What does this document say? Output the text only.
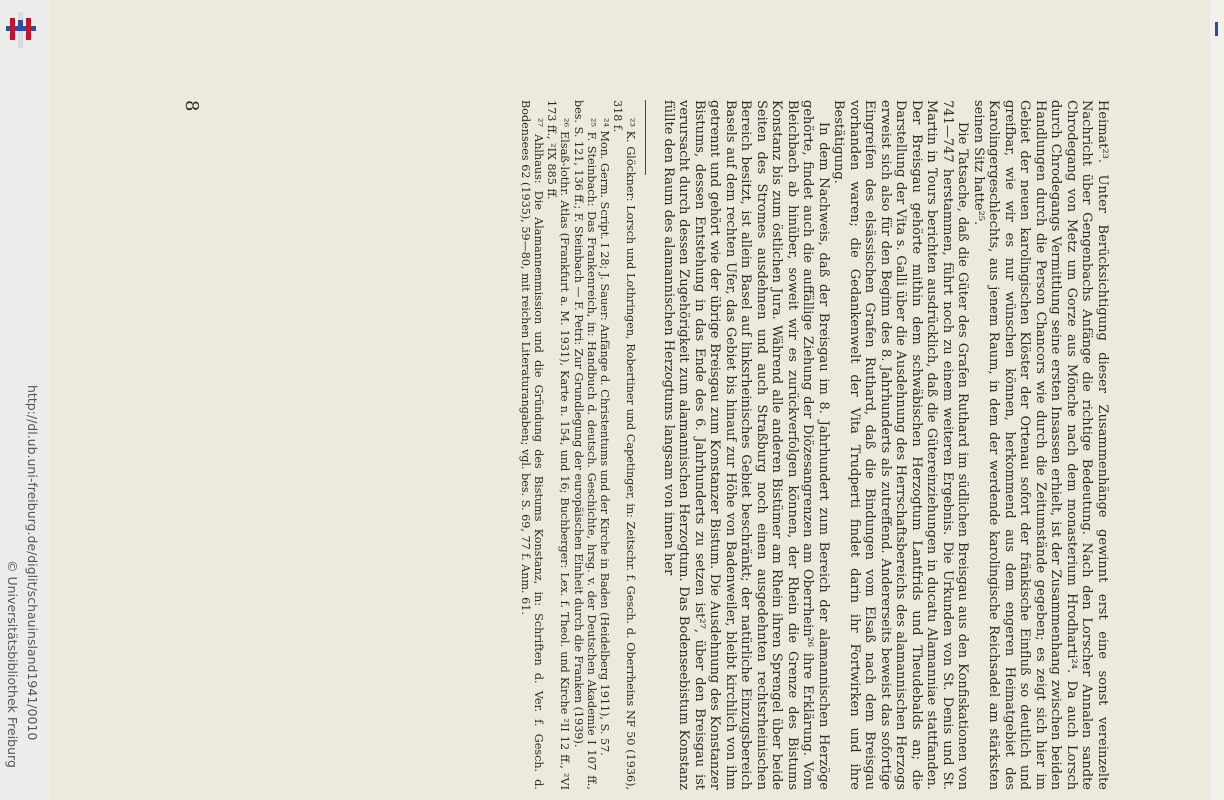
http://dl.ub.uni-freiburg.de/diglit/schauinsland1941/0010
© Universitätsbibliothek Freiburg	Heimat²³. Unter Berücksichtigung dieser Zusammenhänge gewinnt erst eine sonst vereinzelte Nachricht über Gengenbachs Anfänge die richtige Bedeutung. Nach den Lorscher Annalen sandte Chrodegang von Metz um Gorze aus Mönche nach dem monasterium Hrodharti²⁴. Da auch Lorsch durch Chrodegangs Vermittlung seine ersten Insassen erhielt, ist der Zusammenhang zwischen beiden Handlungen durch die Person Chancors wie durch die Zeitumstände gegeben; es zeigt sich hier im Gebiet der neuen karolingischen Klöster der Ortenau sofort der fränkische Einfluß so deutlich und greifbar, wie wir es nur wünschen können, herkommend aus dem engeren Heimatgebiet des Karolingergeschlechts, aus jenem Raum, in dem der werdende karolingische Reichsadel am stärksten seinen Sitz hatte²⁵.

Die Tatsache, daß die Güter des Grafen Ruthard im südlichen Breisgau aus den Konfiskationen von 741—747 herstammen, führt noch zu einem weiteren Ergebnis. Die Urkunden von St. Denis und St. Martin in Tours berichten ausdrücklich, daß die Gütereinziehungen in ducatu Alamanniae stattfanden. Der Breisgau gehörte mithin dem schwäbischen Herzogtum Lantfrids und Theudebalds an; die Darstellung der Vita s. Galli über die Ausdehnung des Herrschaftsbereichs des alamannischen Herzogs erweist sich also für den Beginn des 8. Jahrhunderts als zutreffend. Andererseits beweist das sofortige Eingreifen des elsässischen Grafen Ruthard, daß die Bindungen vom Elsaß nach dem Breisgau vorhanden waren; die Gedankenwelt der Vita Trudperti findet darin ihr Fortwirken und ihre Bestätigung.

In dem Nachweis, daß der Breisgau im 8. Jahrhundert zum Bereich der alamannischen Herzöge gehörte, findet auch die auffällige Ziehung der Diözesangrenzen am Oberrhein²⁶ ihre Erklärung. Vom Bleichbach ab hinüber, soweit wir es zurückverfolgen können, der Rhein die Grenze des Bistums Konstanz bis zum östlichen Jura. Während alle anderen Bistümer am Rhein ihren Sprengel über beide Seiten des Stromes ausdehnen und auch Straßburg noch einen ausgedehnten rechtsrheinischen Bereich besitzt, ist allein Basel auf linksrheinisches Gebiet beschränkt; der natürliche Einzugsbereich Basels auf dem rechten Ufer, das Gebiet bis hinauf zur Höhe von Badenweiler, bleibt kirchlich von ihm getrennt und gehört wie der übrige Breisgau zum Konstanzer Bistum. Die Ausdehnung des Konstanzer Bistums, dessen Entstehung in das Ende des 6. Jahrhunderts zu setzen ist²⁷, über den Breisgau ist verursacht durch dessen Zugehörigkeit zum alamannischen Herzogtum. Das Bodenseebistum Konstanz füllte den Raum des alamannischen Herzogtums langsam von innen her

²³ K. Glöckner: Lorsch und Lothringen, Robertiner und Capetinger, in: Zeitschr. f. Gesch. d. Oberrheins NF 50 (1936), 318 f.

²⁴ Mon. Germ. Script. I 28; J. Sauer: Anfänge d. Christentums und der Kirche in Baden (Heidelberg 1911), S. 57.

²⁵ F. Steinbach: Das Frankenreich, in: Handbuch d. deutsch. Geschichte, hrsg. v. der Deutschen Akademie I 107 ff., bes. S. 121, 136 ff.; F. Steinbach — F. Petri: Zur Grundlegung der europäischen Einheit durch die Franken (1939).

²⁶ Elsaß-lothr. Atlas (Frankfurt a. M. 1931), Karte n. 154, und 16; Buchberger: Lex. f. Theol. und Kirche ²II 12 ff., ²VI 173 ff., ²IX 885 ff.

²⁷ Ahlhaus: Die Alamannenmission und die Gründung des Bistums Konstanz, in: Schriften d. Ver. f. Gesch. d. Bodensees 62 (1935), 59—80, mit reichen Literaturangaben; vgl. bes. S. 69, 77 f. Anm. 61.

8
